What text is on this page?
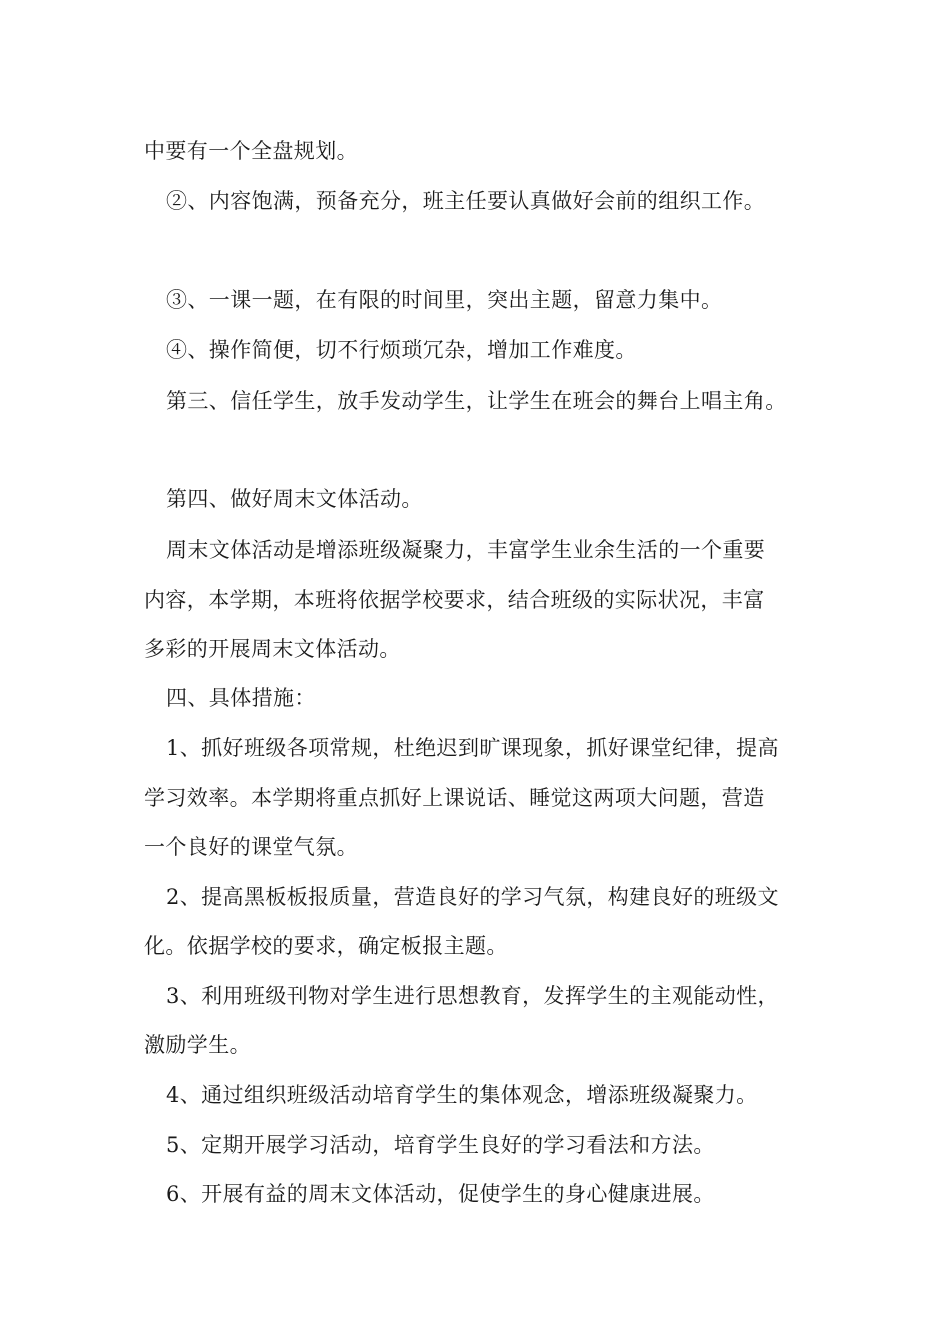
中要有一个全盘规划。
②、内容饱满，预备充分，班主任要认真做好会前的组织工作。
③、一课一题，在有限的时间里，突出主题，留意力集中。
④、操作简便，切不行烦琐冗杂，增加工作难度。
第三、信任学生，放手发动学生，让学生在班会的舞台上唱主角。
第四、做好周末文体活动。
周末文体活动是增添班级凝聚力，丰富学生业余生活的一个重要
内容，本学期，本班将依据学校要求，结合班级的实际状况，丰富
多彩的开展周末文体活动。
四、具体措施：
1、抓好班级各项常规，杜绝迟到旷课现象，抓好课堂纪律，提高
学习效率。本学期将重点抓好上课说话、睡觉这两项大问题，营造
一个良好的课堂气氛。
2、提高黑板板报质量，营造良好的学习气氛，构建良好的班级文
化。依据学校的要求，确定板报主题。
3、利用班级刊物对学生进行思想教育，发挥学生的主观能动性，
激励学生。
4、通过组织班级活动培育学生的集体观念，增添班级凝聚力。
5、定期开展学习活动，培育学生良好的学习看法和方法。
6、开展有益的周末文体活动，促使学生的身心健康进展。
